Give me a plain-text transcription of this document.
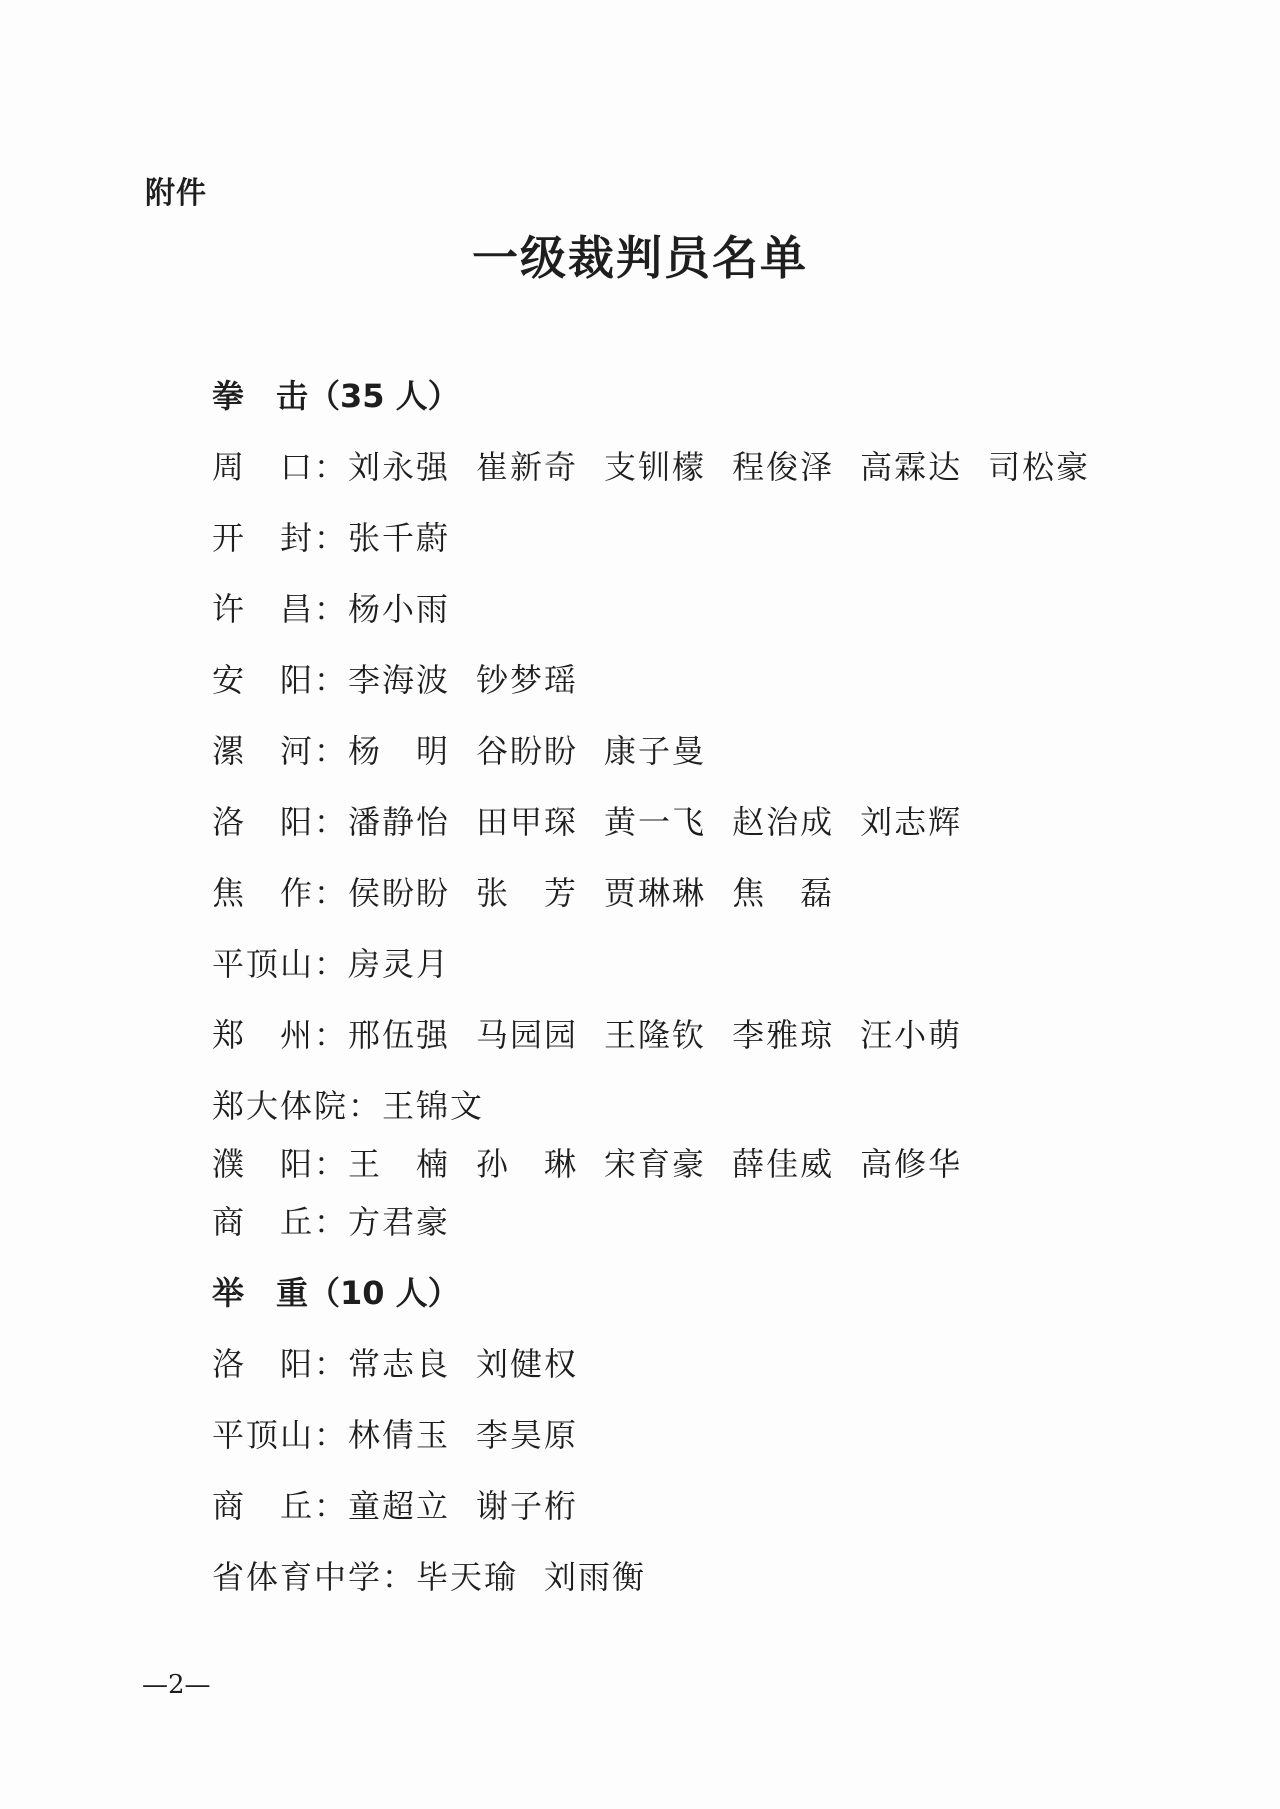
附件
一级裁判员名单
拳　击（35 人）
周　口：刘永强 崔新奇 支钏檬 程俊泽 高霖达 司松豪
开　封：张千蔚
许　昌：杨小雨
安　阳：李海波 钞梦瑶
漯　河：杨　明 谷盼盼 康子曼
洛　阳：潘静怡 田甲琛 黄一飞 赵治成 刘志辉
焦　作：侯盼盼 张　芳 贾琳琳 焦　磊
平顶山：房灵月
郑　州：邢伍强 马园园 王隆钦 李雅琼 汪小萌
郑大体院：王锦文
濮　阳：王　楠 孙　琳 宋育豪 薛佳威 高修华
商　丘：方君豪
举　重（10 人）
洛　阳：常志良 刘健权
平顶山：林倩玉 李昊原
商　丘：童超立 谢子桁
省体育中学：毕天瑜 刘雨衡
—2—
